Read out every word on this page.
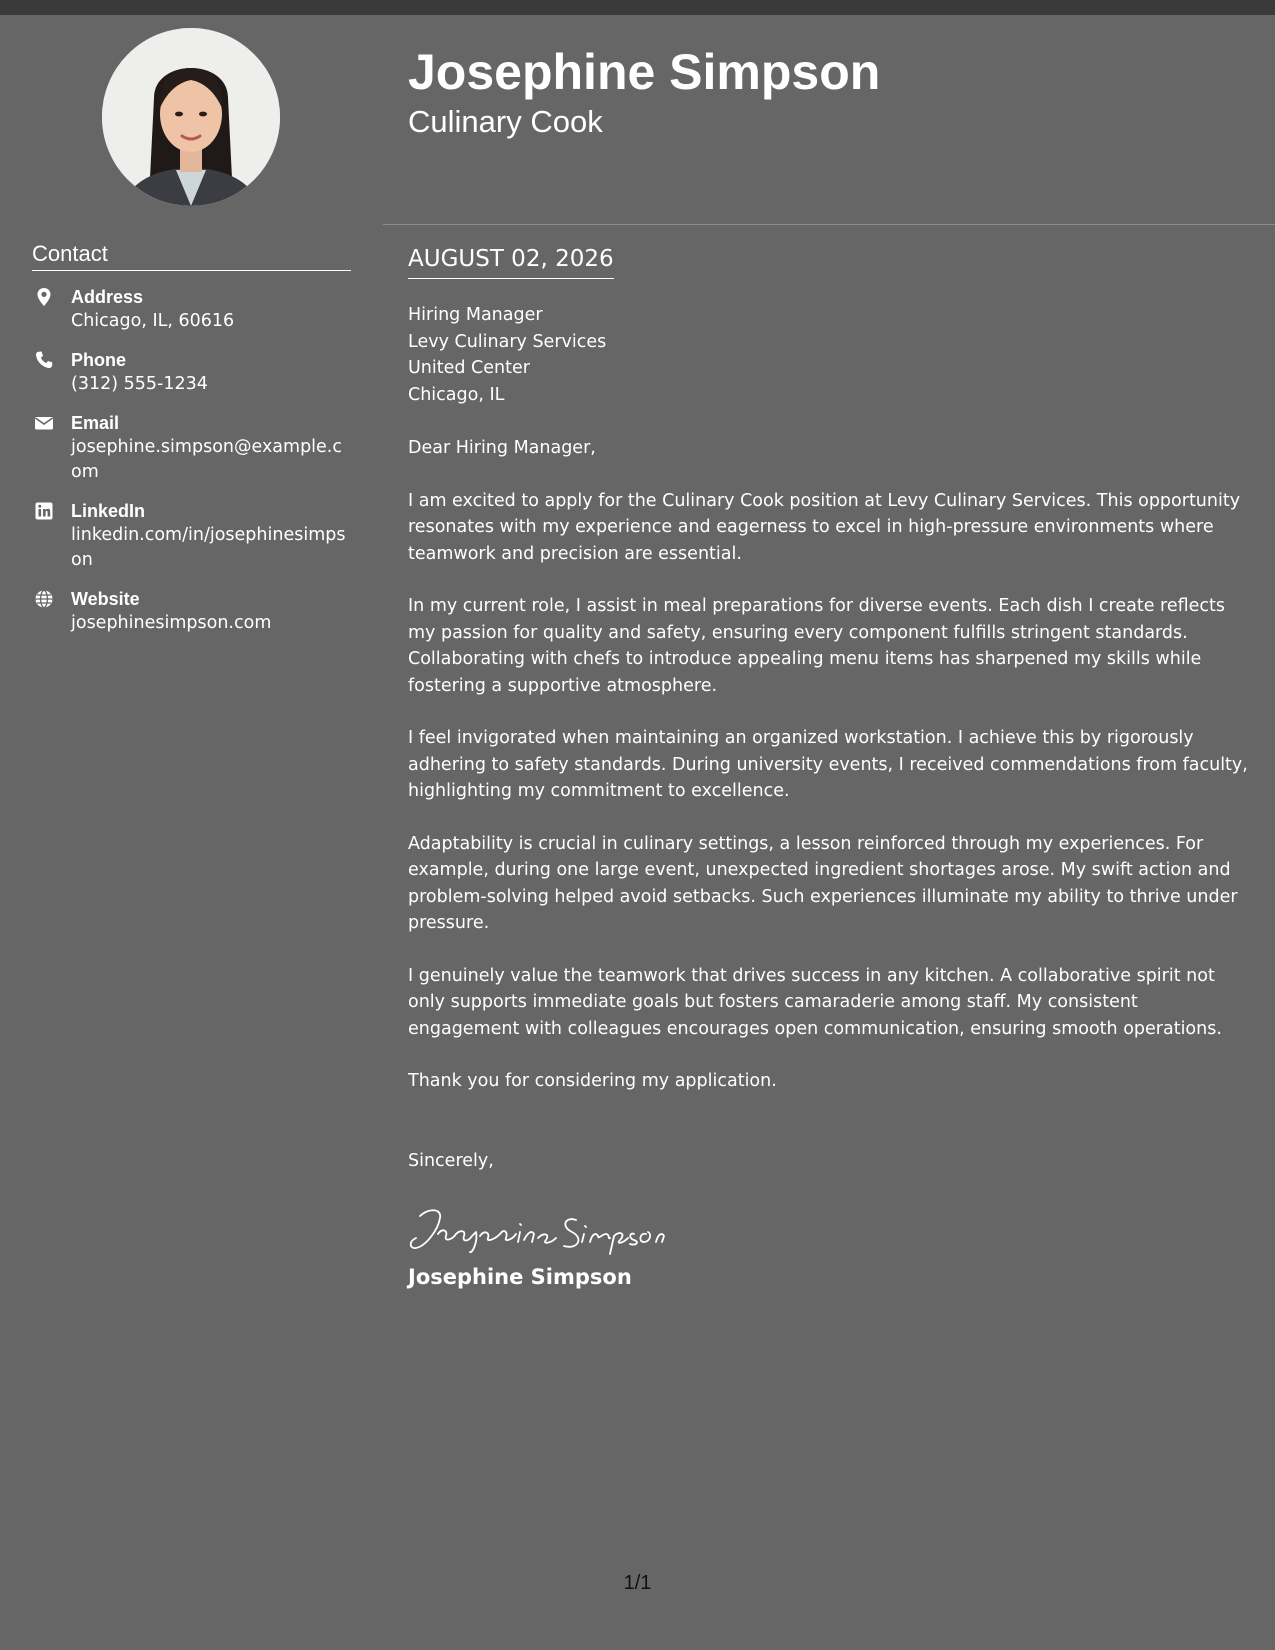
Contact
Address
Chicago, IL, 60616
Phone
(312) 555-1234
Email
josephine.simpson@example.com
LinkedIn
linkedin.com/in/josephinesimpson
Website
josephinesimpson.com
Josephine Simpson
Culinary Cook
AUGUST 02, 2026
Hiring Manager
Levy Culinary Services
United Center
Chicago, IL

Dear Hiring Manager,

I am excited to apply for the Culinary Cook position at Levy Culinary Services. This opportunity resonates with my experience and eagerness to excel in high-pressure environments where teamwork and precision are essential.

In my current role, I assist in meal preparations for diverse events. Each dish I create reflects my passion for quality and safety, ensuring every component fulfills stringent standards. Collaborating with chefs to introduce appealing menu items has sharpened my skills while fostering a supportive atmosphere.

I feel invigorated when maintaining an organized workstation. I achieve this by rigorously adhering to safety standards. During university events, I received commendations from faculty, highlighting my commitment to excellence.

Adaptability is crucial in culinary settings, a lesson reinforced through my experiences. For example, during one large event, unexpected ingredient shortages arose. My swift action and problem-solving helped avoid setbacks. Such experiences illuminate my ability to thrive under pressure.

I genuinely value the teamwork that drives success in any kitchen. A collaborative spirit not only supports immediate goals but fosters camaraderie among staff. My consistent engagement with colleagues encourages open communication, ensuring smooth operations.

Thank you for considering my application.

Sincerely,

Josephine Simpson
1/1
